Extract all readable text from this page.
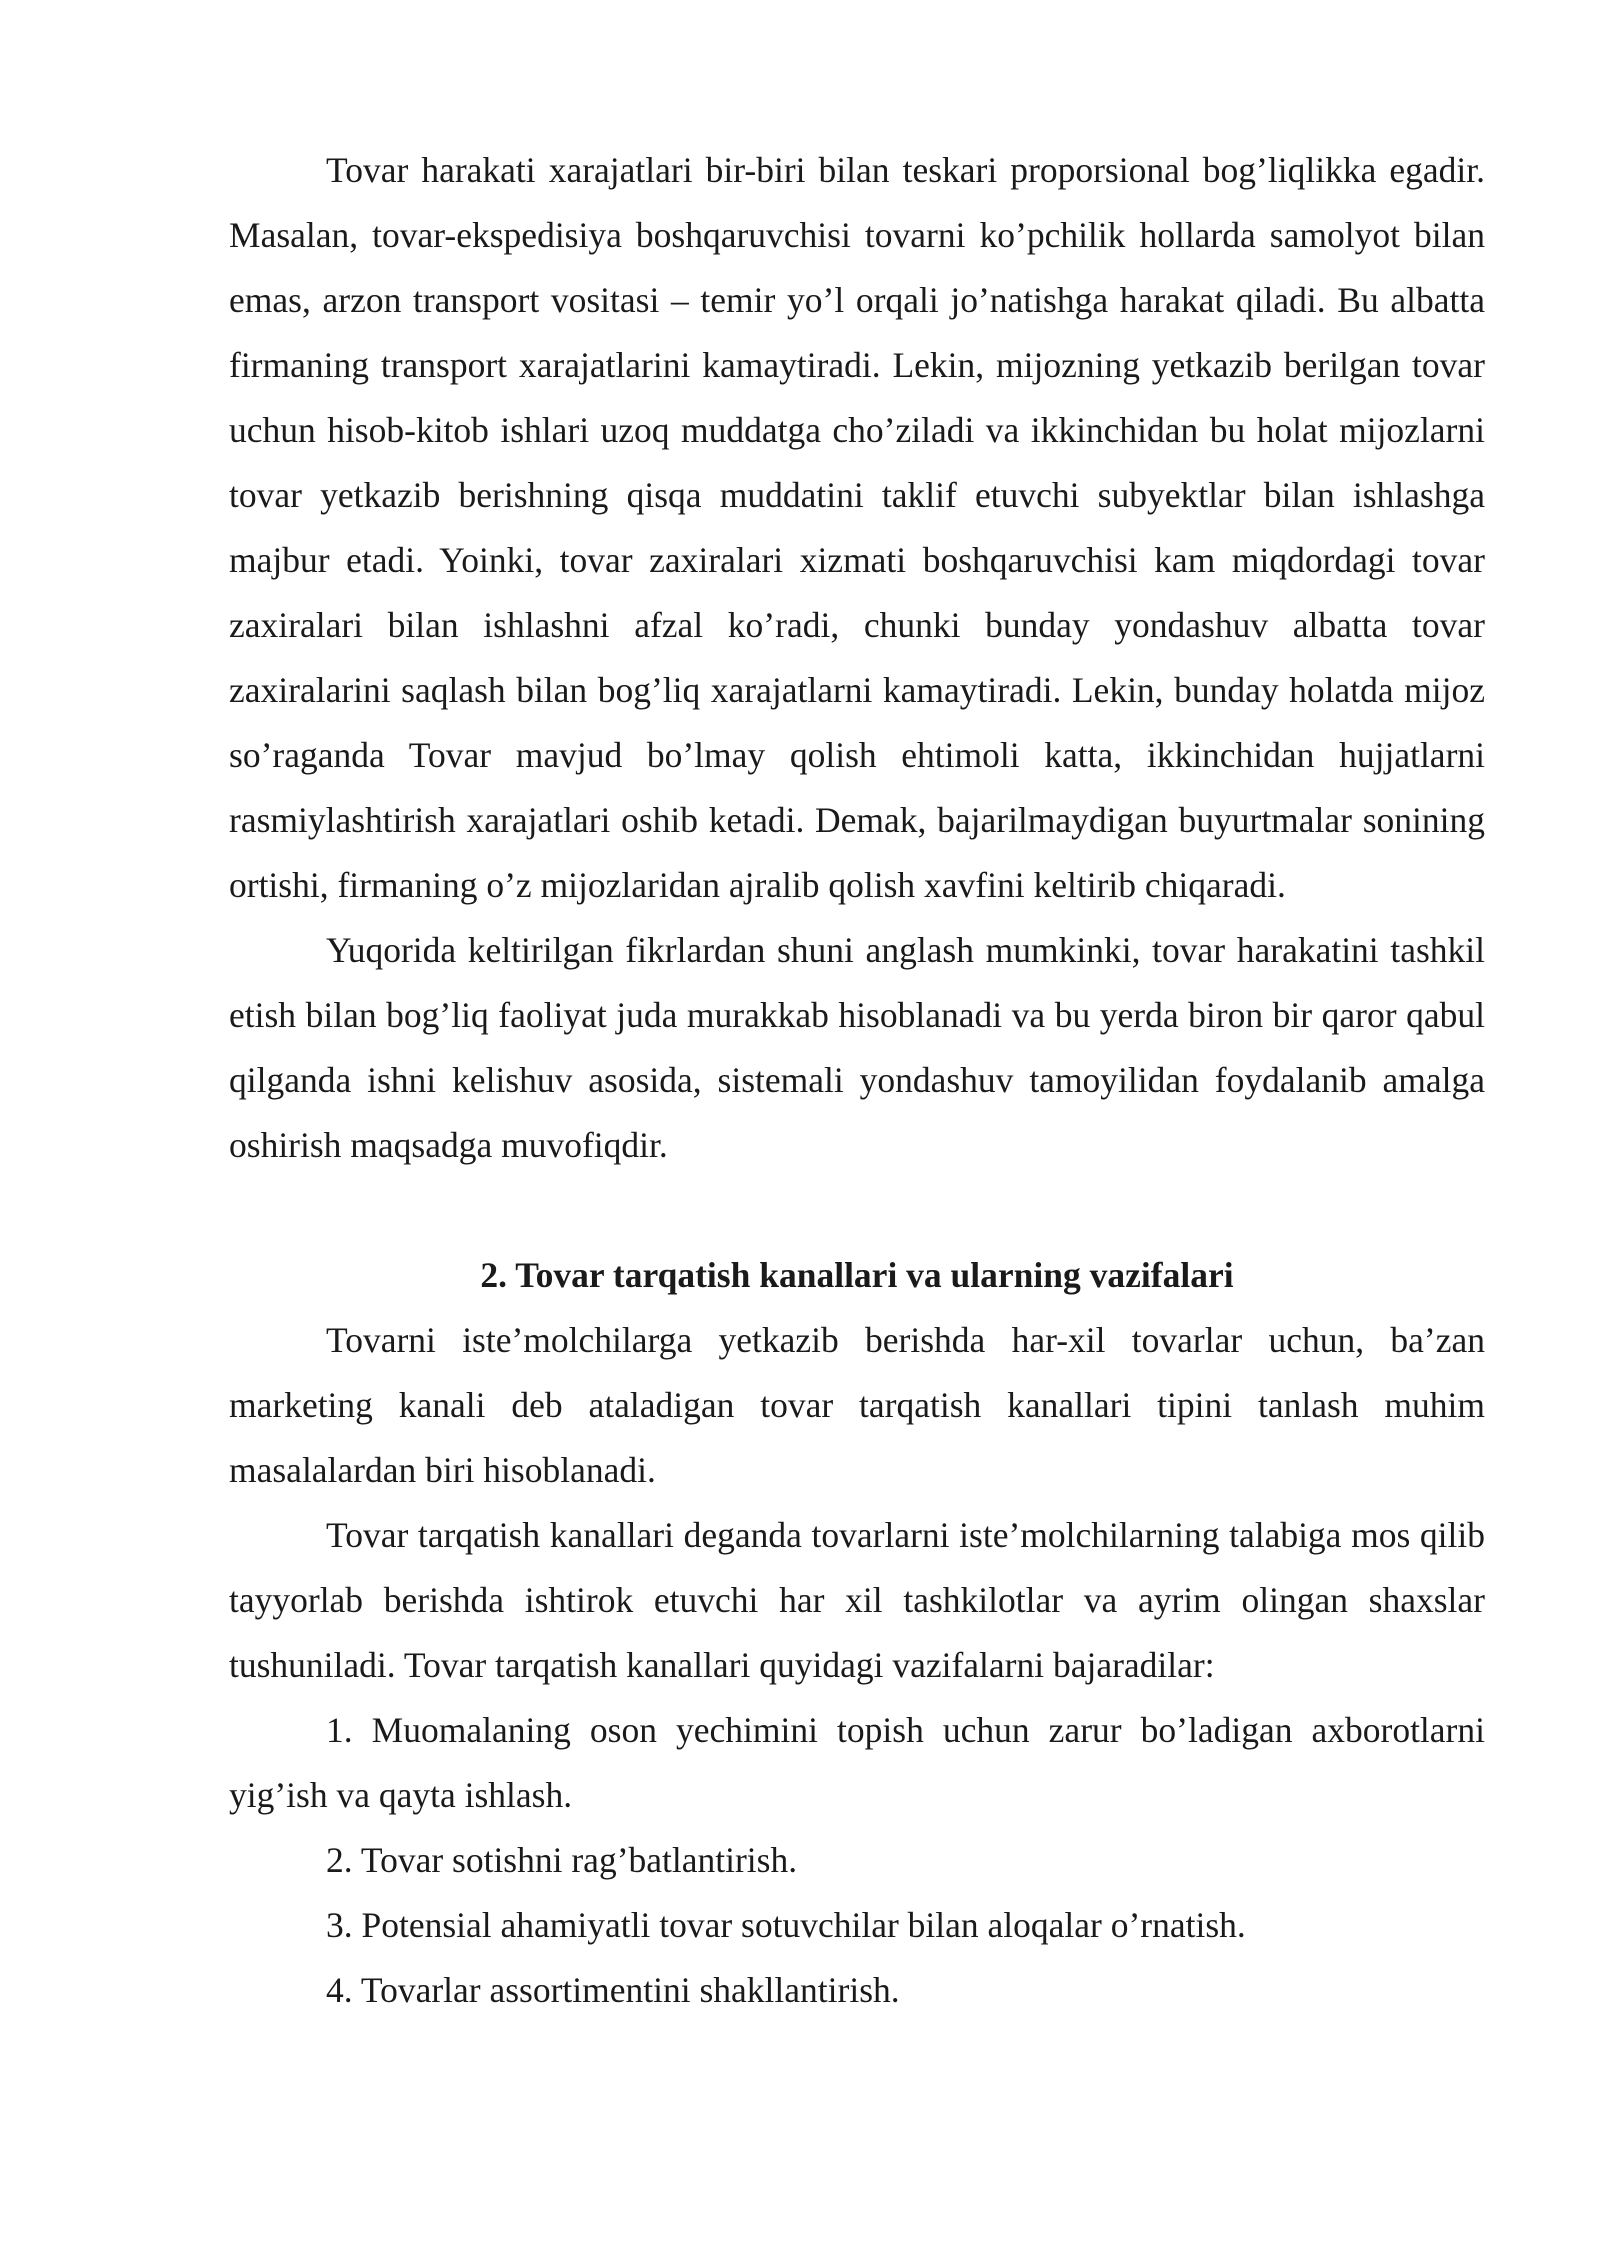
Tovar harakati xarajatlari bir-biri bilan teskari proporsional bog’liqlikka egadir. Masalan, tovar-ekspedisiya boshqaruvchisi tovarni ko’pchilik hollarda samolyot bilan emas, arzon transport vositasi – temir yo’l orqali jo’natishga harakat qiladi. Bu albatta firmaning transport xarajatlarini kamaytiradi. Lekin, mijozning yetkazib berilgan tovar uchun hisob-kitob ishlari uzoq muddatga cho’ziladi va ikkinchidan bu holat mijozlarni tovar yetkazib berishning qisqa muddatini taklif etuvchi subyektlar bilan ishlashga majbur etadi. Yoinki, tovar zaxiralari xizmati boshqaruvchisi kam miqdordagi tovar zaxiralari bilan ishlashni afzal ko’radi, chunki bunday yondashuv albatta tovar zaxiralarini saqlash bilan bog’liq xarajatlarni kamaytiradi. Lekin, bunday holatda mijoz so’raganda Tovar mavjud bo’lmay qolish ehtimoli katta, ikkinchidan hujjatlarni rasmiylashtirish xarajatlari oshib ketadi. Demak, bajarilmaydigan buyurtmalar sonining ortishi, firmaning o’z mijozlaridan ajralib qolish xavfini keltirib chiqaradi.

Yuqorida keltirilgan fikrlardan shuni anglash mumkinki, tovar harakatini tashkil etish bilan bog’liq faoliyat juda murakkab hisoblanadi va bu yerda biron bir qaror qabul qilganda ishni kelishuv asosida, sistemali yondashuv tamoyilidan foydalanib amalga oshirish maqsadga muvofiqdir.

2. Tovar tarqatish kanallari va ularning vazifalari

Tovarni iste’molchilarga yetkazib berishda har-xil tovarlar uchun, ba’zan marketing kanali deb ataladigan tovar tarqatish kanallari tipini tanlash muhim masalalardan biri hisoblanadi.

Tovar tarqatish kanallari deganda tovarlarni iste’molchilarning talabiga mos qilib tayyorlab berishda ishtirok etuvchi har xil tashkilotlar va ayrim olingan shaxslar tushuniladi. Tovar tarqatish kanallari quyidagi vazifalarni bajaradilar:

1. Muomalaning oson yechimini topish uchun zarur bo’ladigan axborotlarni yig’ish va qayta ishlash.

2. Tovar sotishni rag’batlantirish.

3. Potensial ahamiyatli tovar sotuvchilar bilan aloqalar o’rnatish.

4. Tovarlar assortimentini shakllantirish.
